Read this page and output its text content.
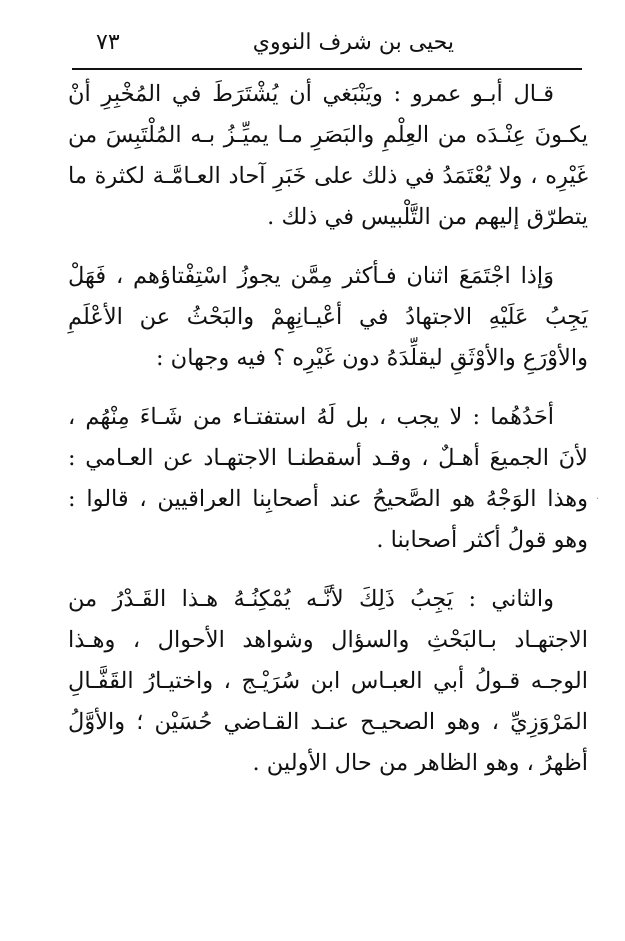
يحيى بن شرف النووي
٧٣

قـال أبـو عمرو : ويَنْبَغي أن يُشْتَرَطَ في المُخْبِرِ أنْ يكـونَ عِنْـدَه من العِلْمِ والبَصَرِ مـا يميِّـزُ بـه المُلْتَبِسَ من غَيْرِه ، ولا يُعْتَمَدُ في ذلك على خَبَرِ آحاد العـامَّـة لكثرة ما يتطرّق إليهم من التَّلْبيس في ذلك .

وَإذا اجْتَمَعَ اثنان فـأكثر مِمَّن يجوزُ اسْتِفْتاؤهم ، فَهَلْ يَجِبُ عَلَيْهِ الاجتهادُ في أعْيـانِهِمْ والبَحْثُ عن الأعْلَمِ والأوْرَعِ والأوْثَقِ ليقلِّدَهُ دون غَيْرِه ؟ فيه وجهان :

أحَدُهُما : لا يجب ، بل لَهُ استفتـاء من شَـاءَ مِنْهُم ، لأنَ الجميعَ أهـلٌ ، وقـد أسقطنـا الاجتهـاد عن العـامي : وهذا الوَجْهُ هو الصَّحيحُ عند أصحابِنا العراقيين ، قالوا : وهو قولُ أكثر أصحابنا .

والثاني : يَجِبُ ذَلِكَ لأنَّـه يُمْكِنُـهُ هـذا القَـدْرُ من الاجتهـاد بـالبَحْثِ والسؤال وشواهد الأحوال ، وهـذا الوجـه قـولُ أبي العبـاس ابن سُرَيْـج ، واختيـارُ القَفَّـالِ المَرْوَزِيِّ ، وهو الصحيـح عنـد القـاضي حُسَيْن ؛ والأوَّلُ أظهرُ ، وهو الظاهر من حال الأولين .

·
